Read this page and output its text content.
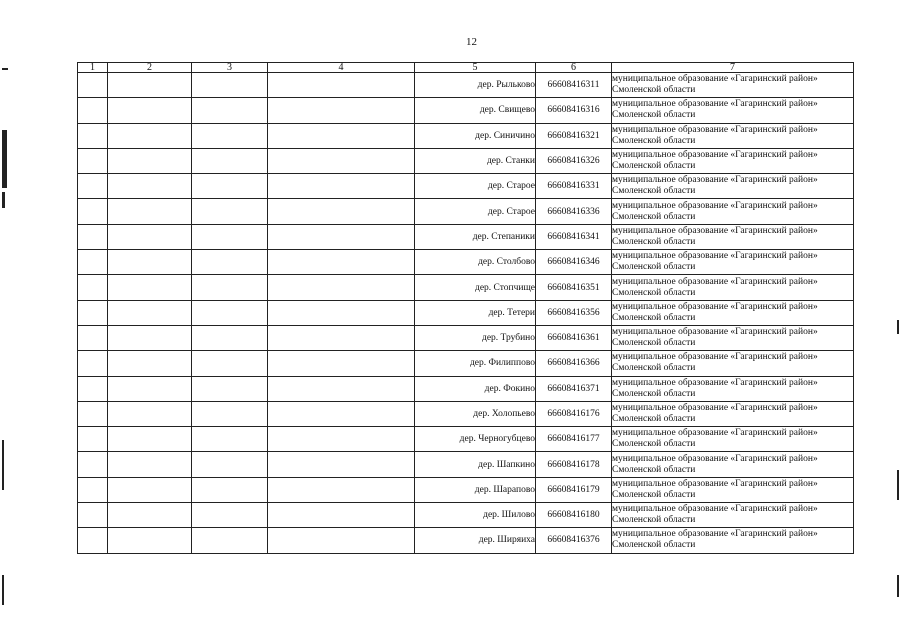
12
1	2	3	4	5	6	7
				дер. Рыльково	66608416311	муниципальное образование «Гагаринский район»
Смоленской области

				дер. Свищево	66608416316	муниципальное образование «Гагаринский район»
Смоленской области

				дер. Синичино	66608416321	муниципальное образование «Гагаринский район»
Смоленской области

				дер. Станки	66608416326	муниципальное образование «Гагаринский район»
Смоленской области

				дер. Старое	66608416331	муниципальное образование «Гагаринский район»
Смоленской области

				дер. Старое	66608416336	муниципальное образование «Гагаринский район»
Смоленской области

				дер. Степаники	66608416341	муниципальное образование «Гагаринский район»
Смоленской области

				дер. Столбово	66608416346	муниципальное образование «Гагаринский район»
Смоленской области

				дер. Стопчище	66608416351	муниципальное образование «Гагаринский район»
Смоленской области

				дер. Тетери	66608416356	муниципальное образование «Гагаринский район»
Смоленской области

				дер. Трубино	66608416361	муниципальное образование «Гагаринский район»
Смоленской области

				дер. Филиппово	66608416366	муниципальное образование «Гагаринский район»
Смоленской области

				дер. Фокино	66608416371	муниципальное образование «Гагаринский район»
Смоленской области

				дер. Холопьево	66608416176	муниципальное образование «Гагаринский район»
Смоленской области

				дер. Черногубцево	66608416177	муниципальное образование «Гагаринский район»
Смоленской области

				дер. Шапкино	66608416178	муниципальное образование «Гагаринский район»
Смоленской области

				дер. Шарапово	66608416179	муниципальное образование «Гагаринский район»
Смоленской области

				дер. Шилово	66608416180	муниципальное образование «Гагаринский район»
Смоленской области

				дер. Ширяиха	66608416376	муниципальное образование «Гагаринский район»
Смоленской области
